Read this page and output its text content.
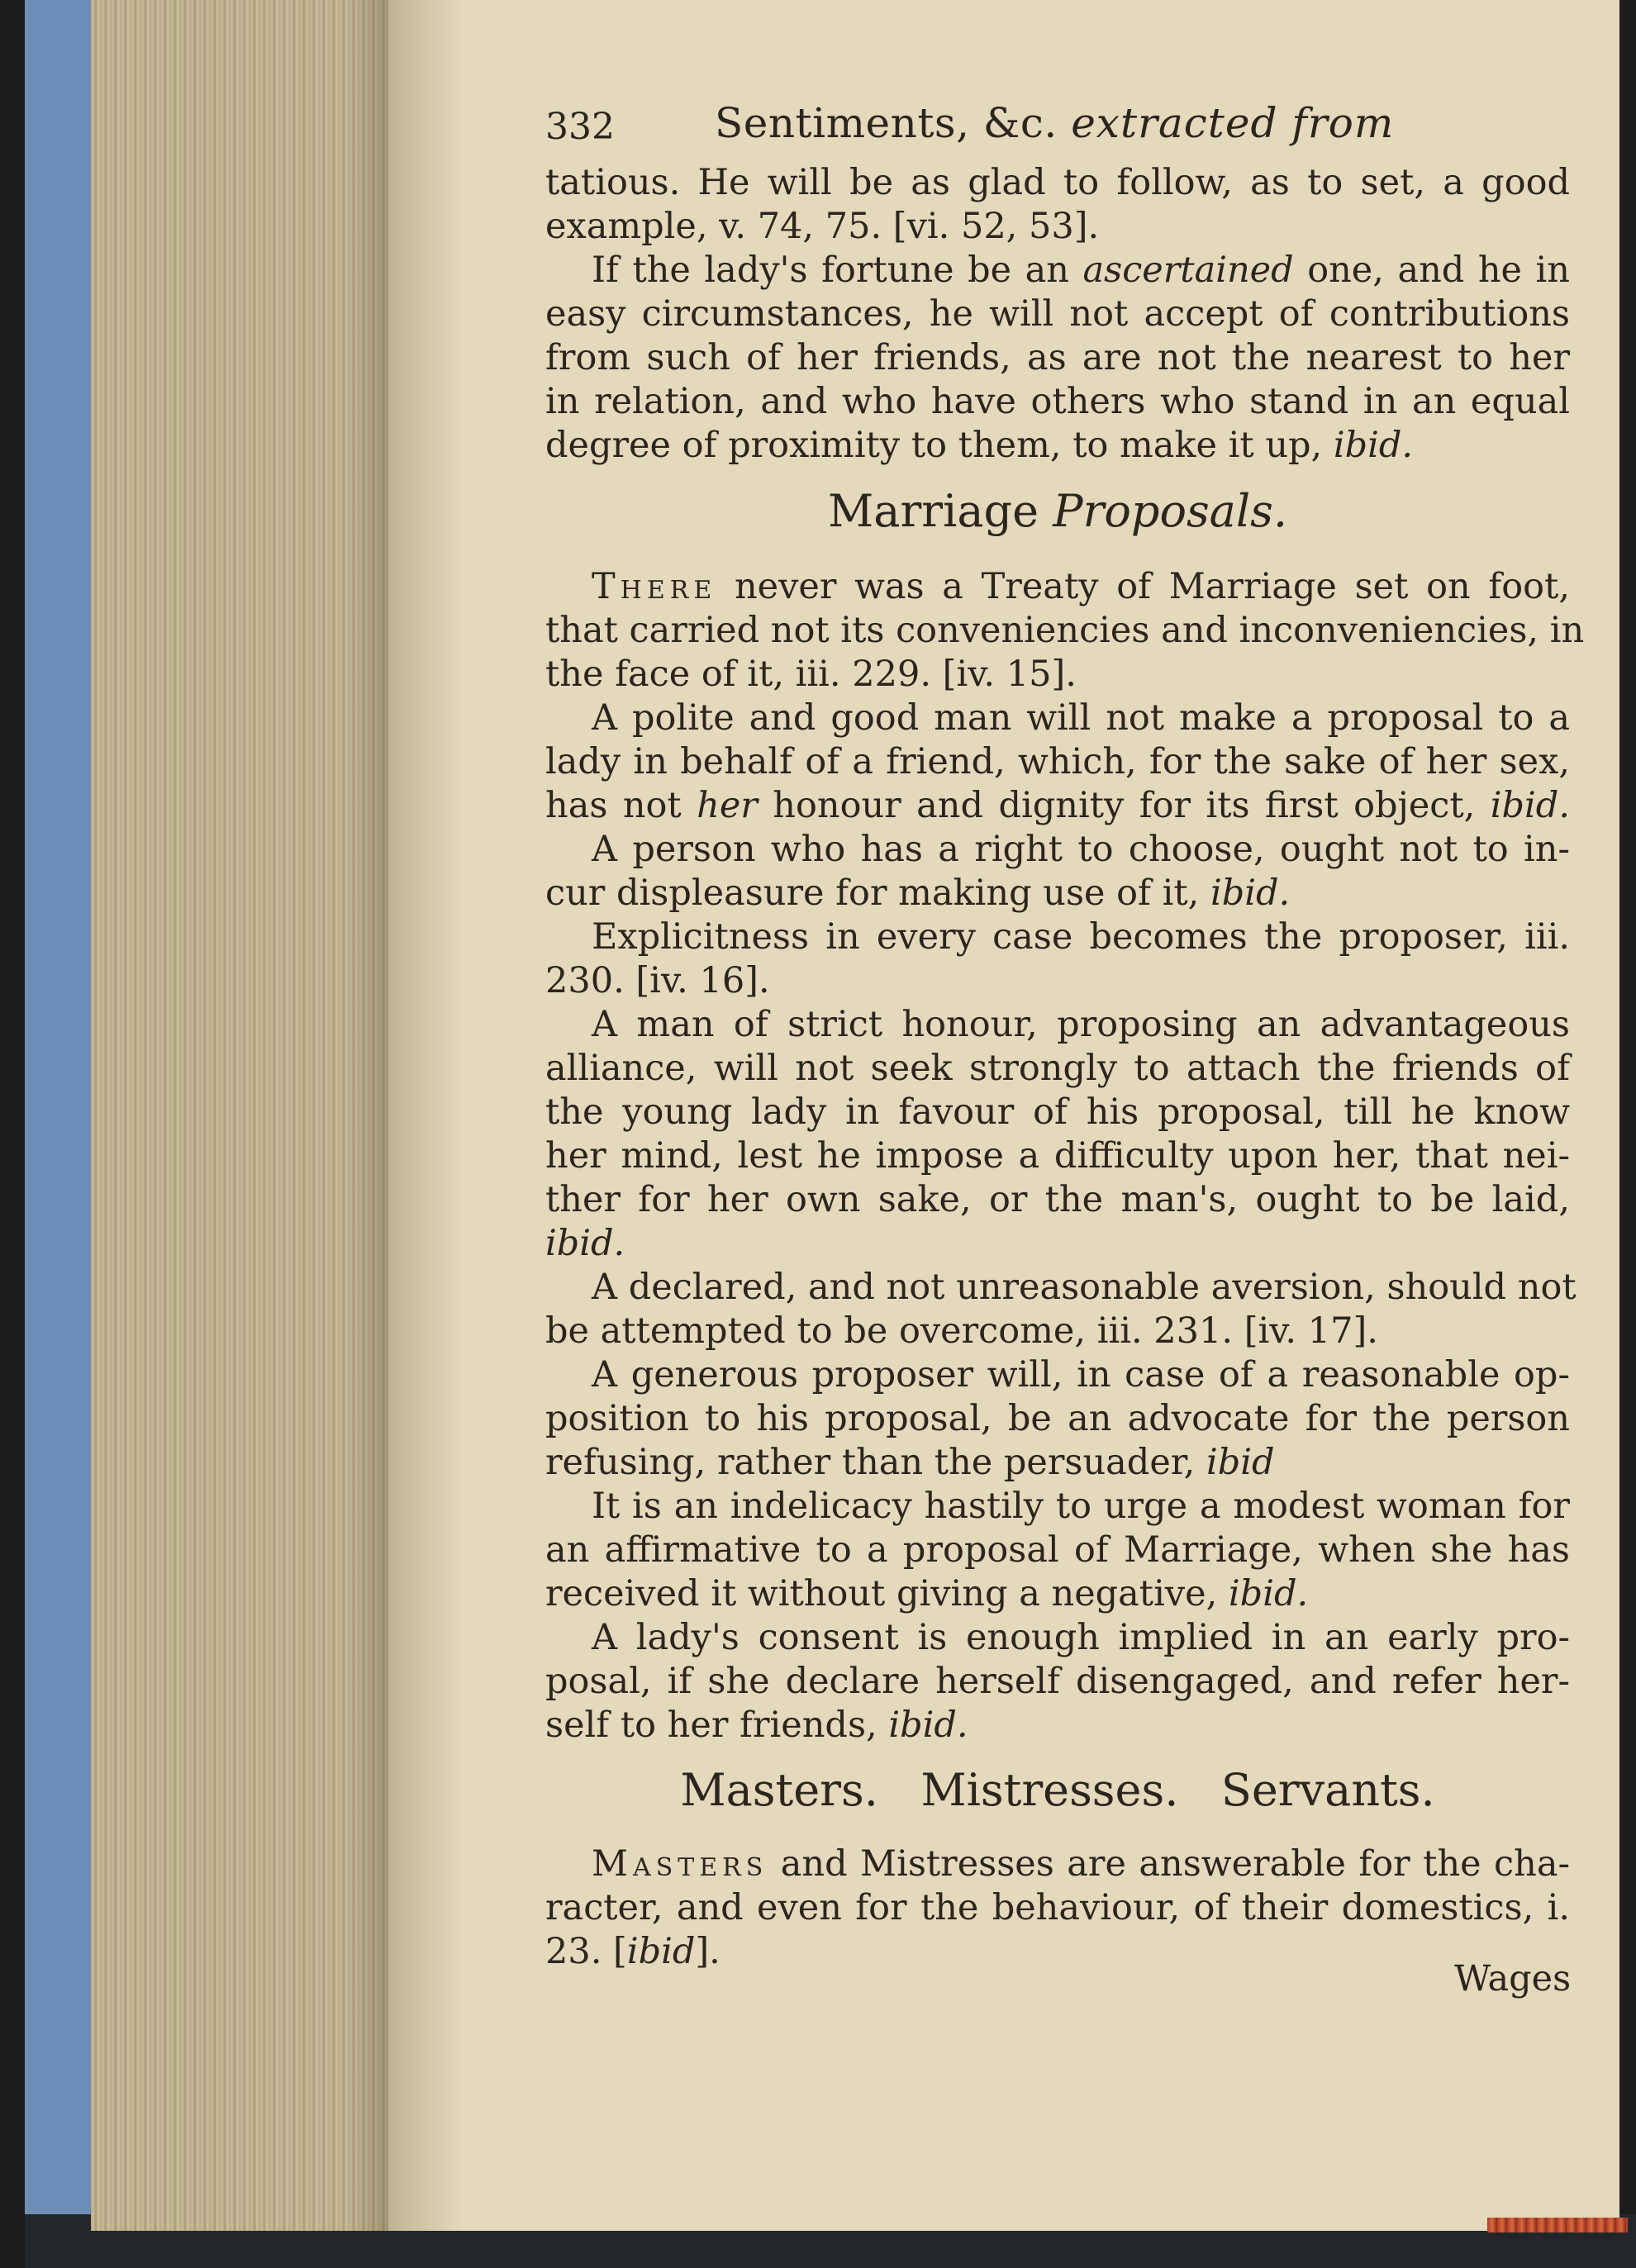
332 Sentiments, &c. extracted from
tatious. He will be as glad to follow, as to set, a good
example, v. 74, 75. [vi. 52, 53].
If the lady's fortune be an ascertained one, and he in
easy circumstances, he will not accept of contributions
from such of her friends, as are not the nearest to her
in relation, and who have others who stand in an equal
degree of proximity to them, to make it up, ibid.
Marriage Proposals.
There never was a Treaty of Marriage set on foot,
that carried not its conveniencies and inconveniencies, in
the face of it, iii. 229. [iv. 15].
A polite and good man will not make a proposal to a
lady in behalf of a friend, which, for the sake of her sex,
has not her honour and dignity for its first object, ibid.
A person who has a right to choose, ought not to in-
cur displeasure for making use of it, ibid.
Explicitness in every case becomes the proposer, iii.
230. [iv. 16].
A man of strict honour, proposing an advantageous
alliance, will not seek strongly to attach the friends of
the young lady in favour of his proposal, till he know
her mind, lest he impose a difficulty upon her, that nei-
ther for her own sake, or the man's, ought to be laid,
ibid.
A declared, and not unreasonable aversion, should not
be attempted to be overcome, iii. 231. [iv. 17].
A generous proposer will, in case of a reasonable op-
position to his proposal, be an advocate for the person
refusing, rather than the persuader, ibid
It is an indelicacy hastily to urge a modest woman for
an affirmative to a proposal of Marriage, when she has
received it without giving a negative, ibid.
A lady's consent is enough implied in an early pro-
posal, if she declare herself disengaged, and refer her-
self to her friends, ibid.
Masters.   Mistresses.   Servants.
Masters and Mistresses are answerable for the cha-
racter, and even for the behaviour, of their domestics, i.
23. [ibid].
Wages
